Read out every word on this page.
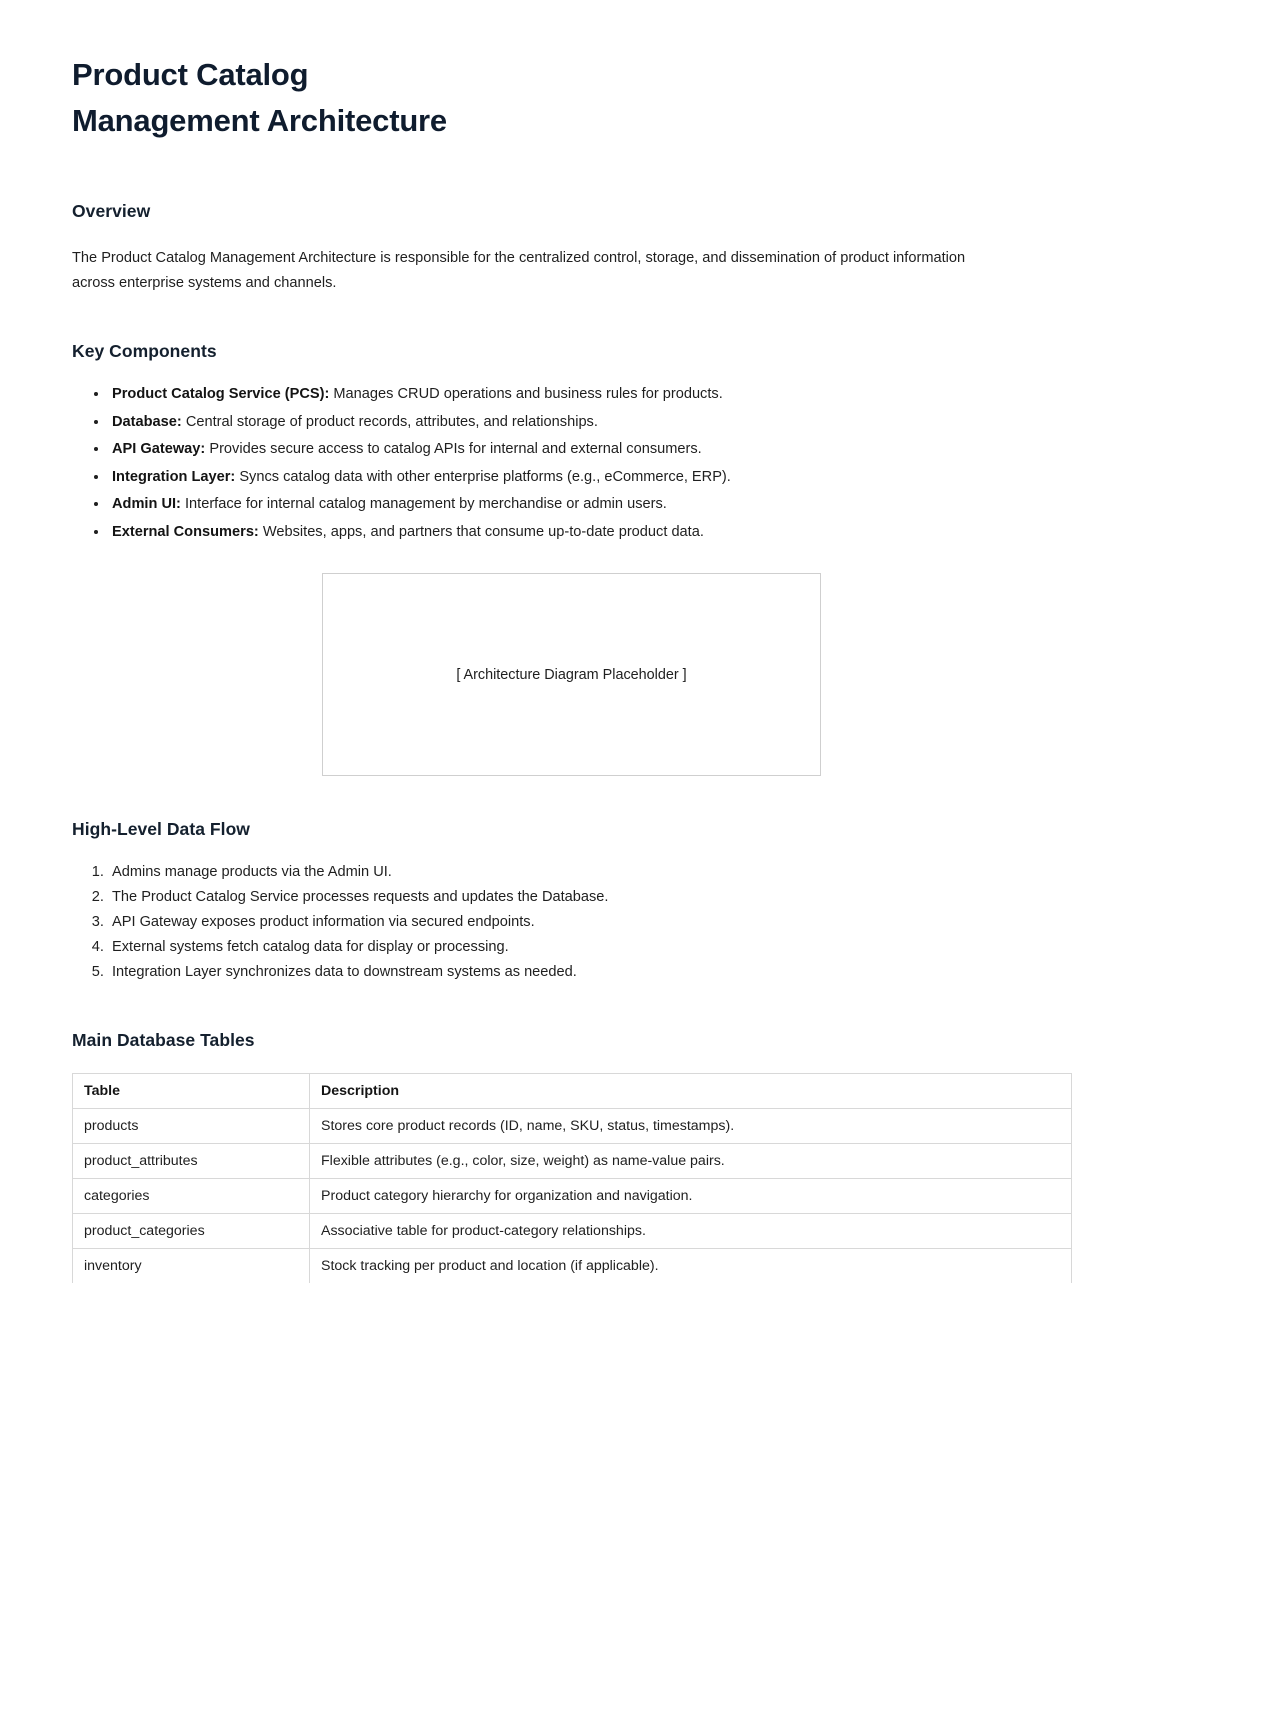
Product Catalog Management Architecture
Overview

The Product Catalog Management Architecture is responsible for the centralized control, storage, and dissemination of product information across enterprise systems and channels.

Key Components
• Product Catalog Service (PCS): Manages CRUD operations and business rules for products.
• Database: Central storage of product records, attributes, and relationships.
• API Gateway: Provides secure access to catalog APIs for internal and external consumers.
• Integration Layer: Syncs catalog data with other enterprise platforms (e.g., eCommerce, ERP).
• Admin UI: Interface for internal catalog management by merchandise or admin users.
• External Consumers: Websites, apps, and partners that consume up-to-date product data.
[ Architecture Diagram Placeholder ]
High-Level Data Flow
1. Admins manage products via the Admin UI.
2. The Product Catalog Service processes requests and updates the Database.
3. API Gateway exposes product information via secured endpoints.
4. External systems fetch catalog data for display or processing.
5. Integration Layer synchronizes data to downstream systems as needed.
Main Database Tables
Table	Description
products	Stores core product records (ID, name, SKU, status, timestamps).
product_attributes	Flexible attributes (e.g., color, size, weight) as name-value pairs.
categories	Product category hierarchy for organization and navigation.
product_categories	Associative table for product-category relationships.
inventory	Stock tracking per product and location (if applicable).
